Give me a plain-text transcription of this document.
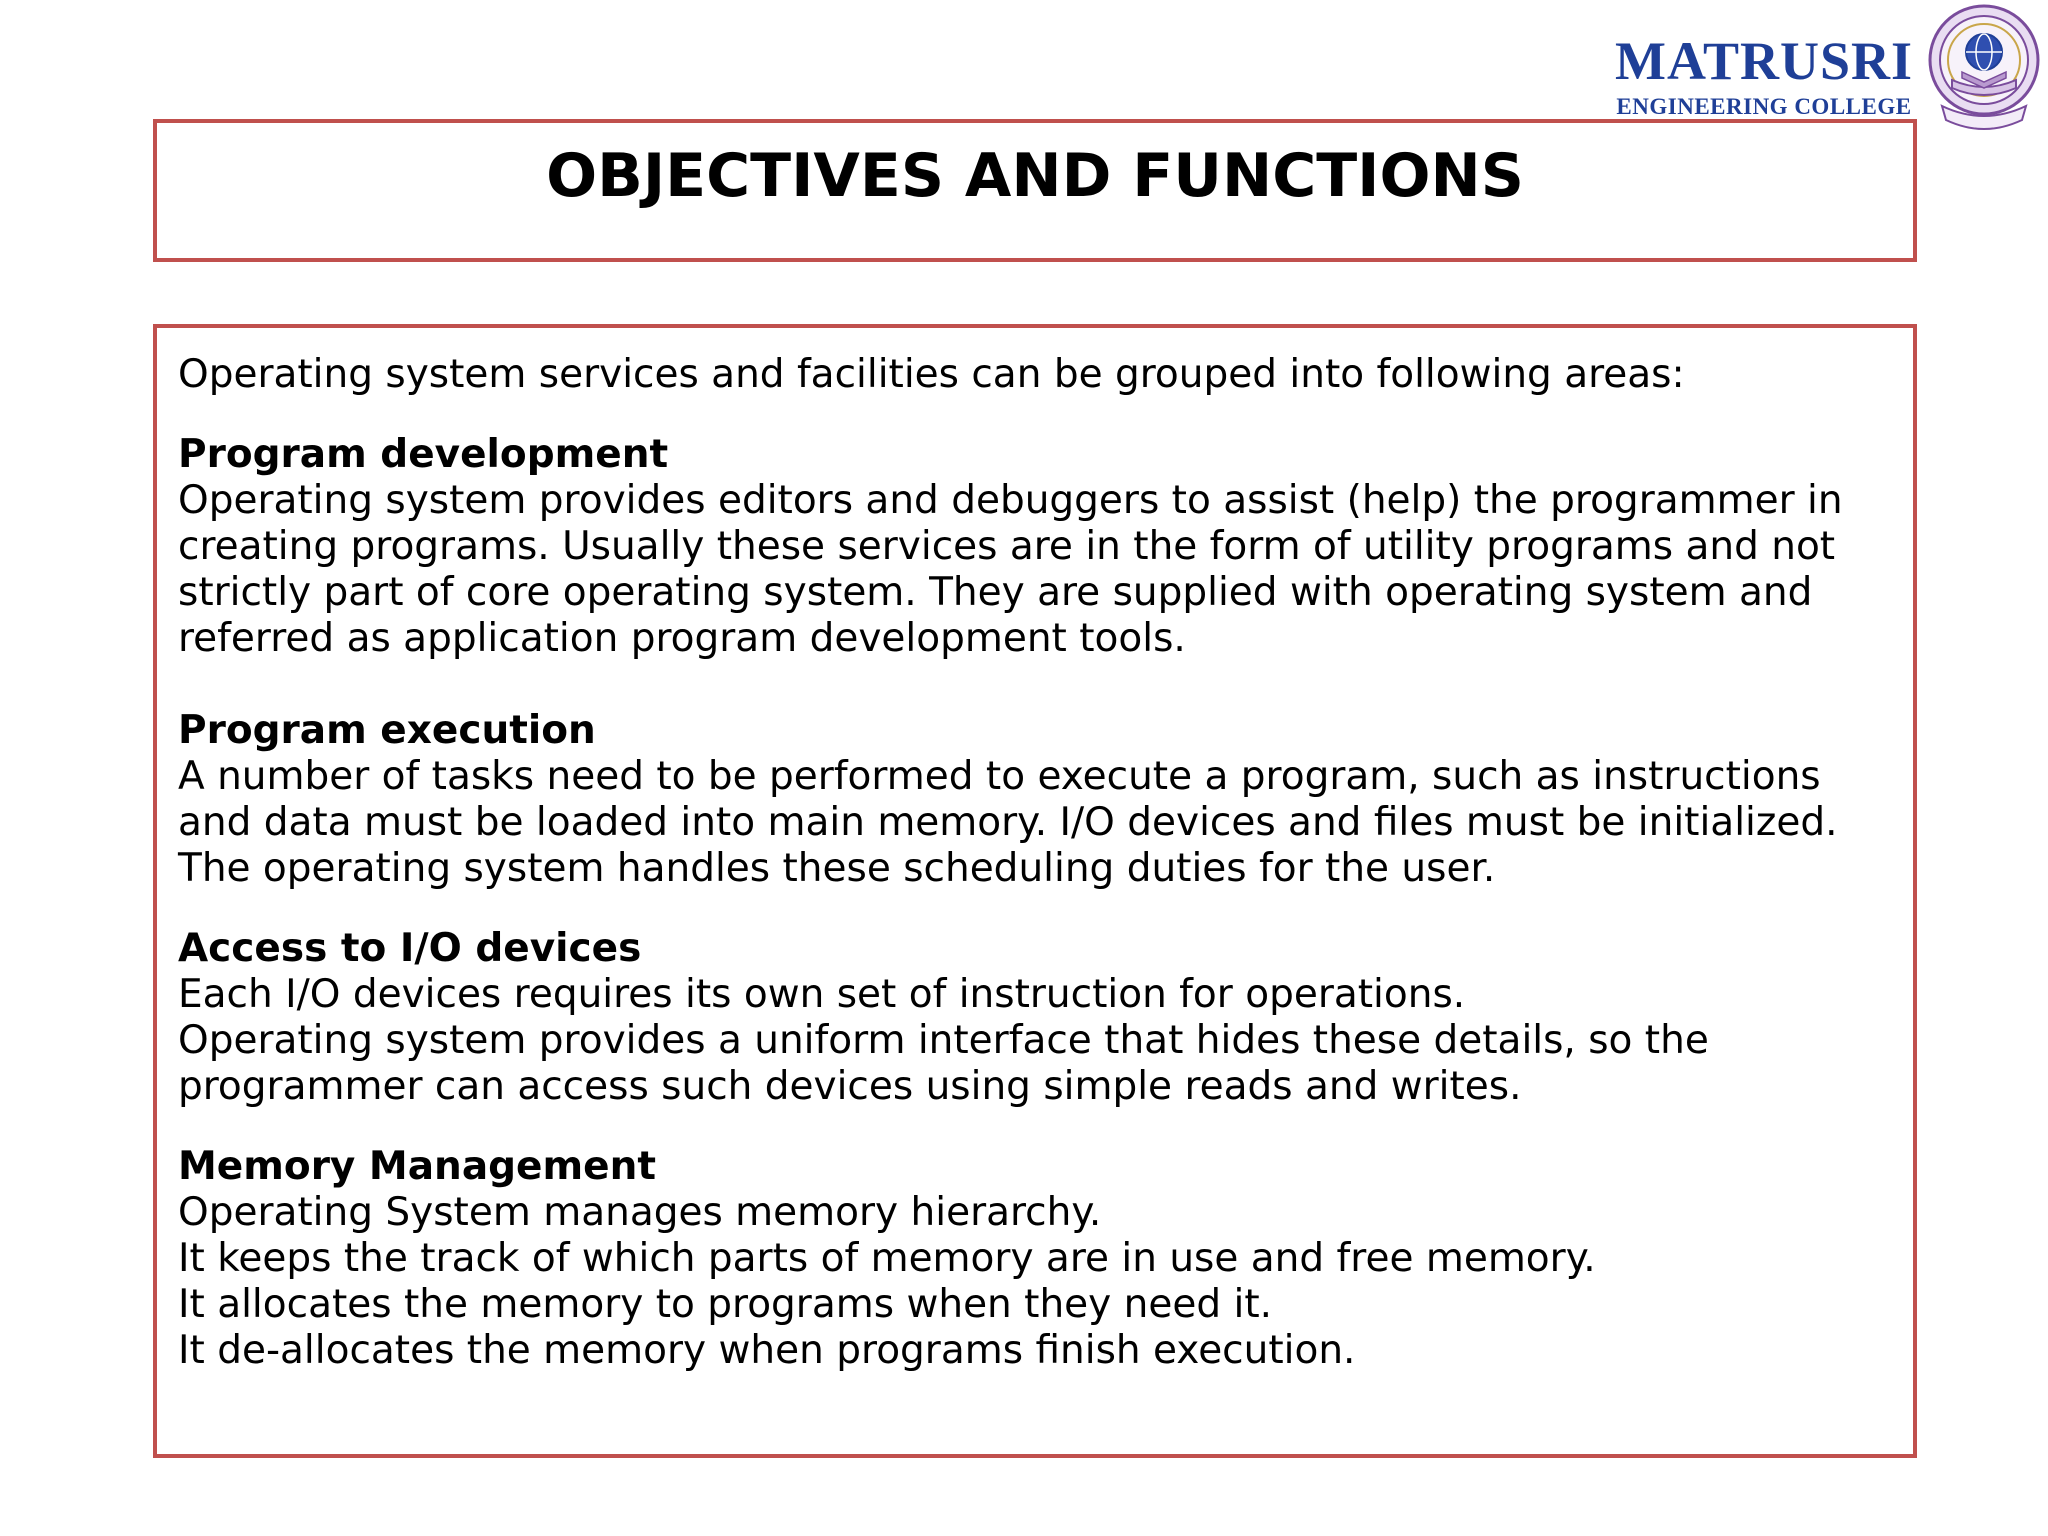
MATRUSRI
ENGINEERING COLLEGE
OBJECTIVES AND FUNCTIONS
Operating system services and facilities can be grouped into following areas:
Program development
Operating system provides editors and debuggers to assist (help) the programmer in
creating programs. Usually these services are in the form of utility programs and not
strictly part of core operating system. They are supplied with operating system and
referred as application program development tools.
Program execution
A number of tasks need to be performed to execute a program, such as instructions
and data must be loaded into main memory. I/O devices and files must be initialized.
The operating system handles these scheduling duties for the user.
Access to I/O devices
Each I/O devices requires its own set of instruction for operations.
Operating system provides a uniform interface that hides these details, so the
programmer can access such devices using simple reads and writes.
Memory Management
Operating System manages memory hierarchy.
It keeps the track of which parts of memory are in use and free memory.
It allocates the memory to programs when they need it.
It de-allocates the memory when programs finish execution.
